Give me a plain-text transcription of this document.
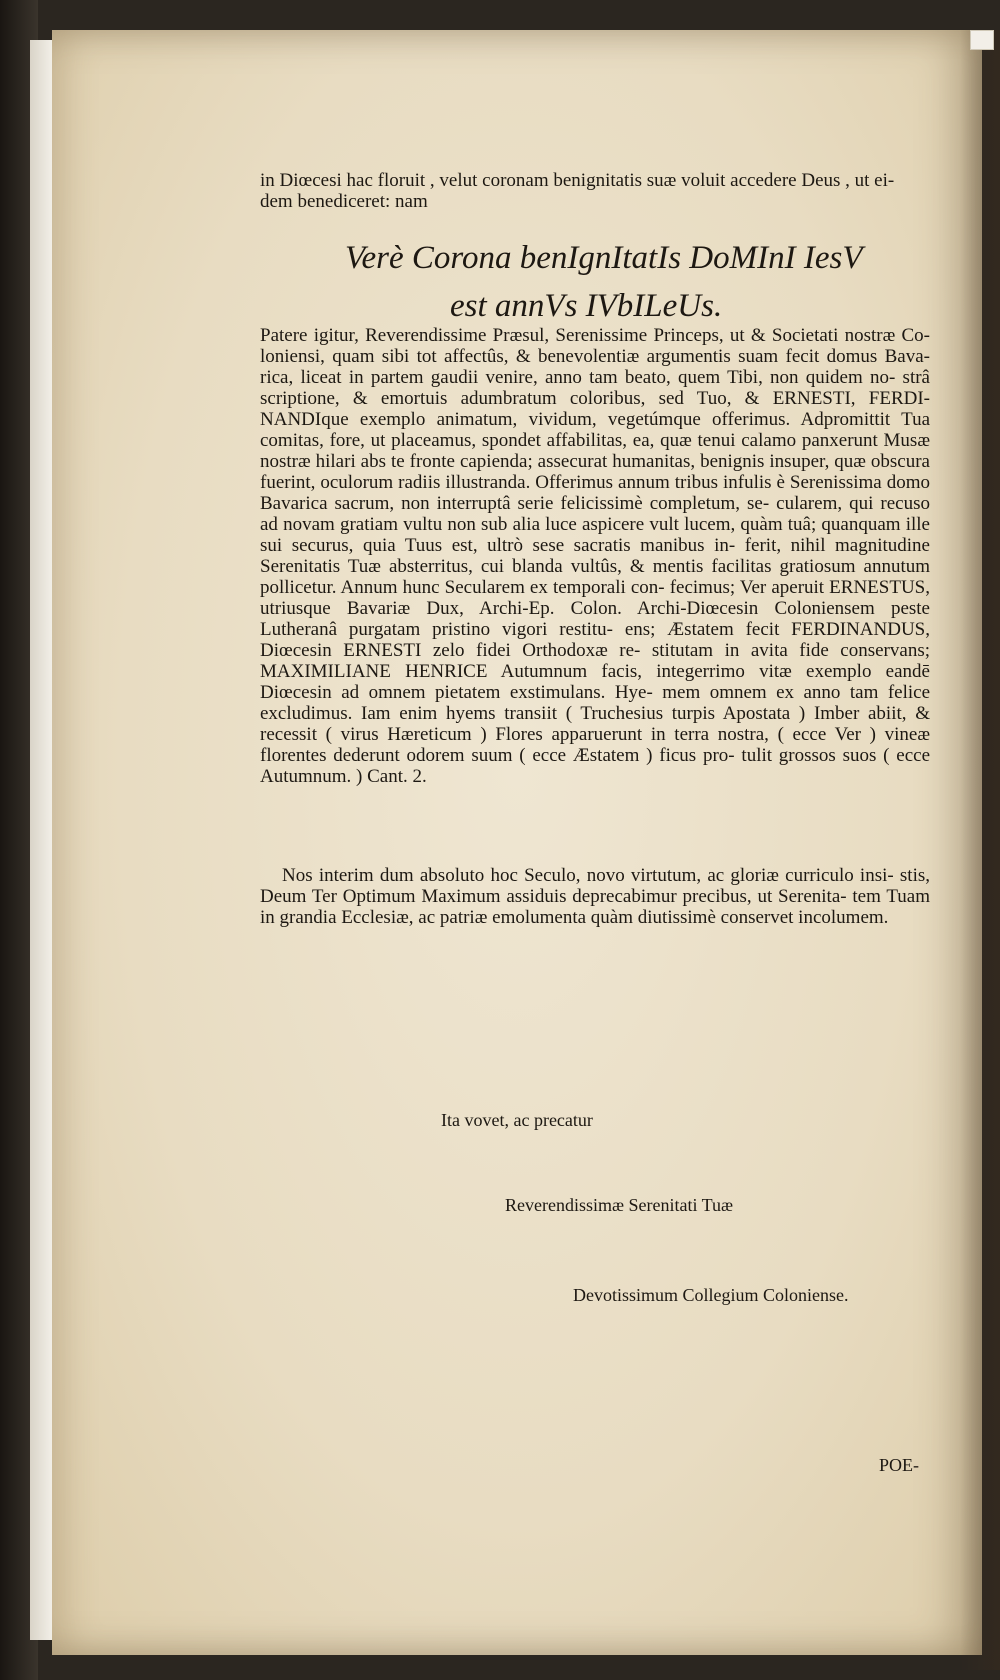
in Diœcesi hac floruit , velut coronam benignitatis suæ voluit accedere Deus , ut ei- dem benediceret: nam
Verè Corona benIgnItatIs DoMInI IesV
est annVs IVbILeUs.

Patere igitur, Reverendissime Præsul, Serenissime Princeps, ut & Societati nostræ Co- loniensi, quam sibi tot affectûs, & benevolentiæ argumentis suam fecit domus Bava- rica, liceat in partem gaudii venire, anno tam beato, quem Tibi, non quidem no- strâ scriptione, & emortuis adumbratum coloribus, sed Tuo, & ERNESTI, FERDI- NANDIque exemplo animatum, vividum, vegetúmque offerimus. Adpromittit Tua comitas, fore, ut placeamus, spondet affabilitas, ea, quæ tenui calamo panxerunt Musæ nostræ hilari abs te fronte capienda; assecurat humanitas, benignis insuper, quæ obscura fuerint, oculorum radiis illustranda. Offerimus annum tribus infulis è Serenissima domo Bavarica sacrum, non interruptâ serie felicissimè completum, se- cularem, qui recuso ad novam gratiam vultu non sub alia luce aspicere vult lucem, quàm tuâ; quanquam ille sui securus, quia Tuus est, ultrò sese sacratis manibus in- ferit, nihil magnitudine Serenitatis Tuæ absterritus, cui blanda vultûs, & mentis facilitas gratiosum annutum pollicetur. Annum hunc Secularem ex temporali con- fecimus; Ver aperuit ERNESTUS, utriusque Bavariæ Dux, Archi-Ep. Colon. Archi-Diœcesin Coloniensem peste Lutheranâ purgatam pristino vigori restitu- ens; Æstatem fecit FERDINANDUS, Diœcesin ERNESTI zelo fidei Orthodoxæ re- stitutam in avita fide conservans; MAXIMILIANE HENRICE Autumnum facis, integerrimo vitæ exemplo eandē Diœcesin ad omnem pietatem exstimulans. Hye- mem omnem ex anno tam felice excludimus. Iam enim hyems transiit ( Truchesius turpis Apostata ) Imber abiit, & recessit ( virus Hæreticum ) Flores apparuerunt in terra nostra, ( ecce Ver ) vineæ florentes dederunt odorem suum ( ecce Æstatem ) ficus pro- tulit grossos suos ( ecce Autumnum. ) Cant. 2.

Nos interim dum absoluto hoc Seculo, novo virtutum, ac gloriæ curriculo insi- stis, Deum Ter Optimum Maximum assiduis deprecabimur precibus, ut Serenita- tem Tuam in grandia Ecclesiæ, ac patriæ emolumenta quàm diutissimè conservet incolumem.

Ita vovet, ac precatur
Reverendissimæ Serenitati Tuæ
Devotissimum Collegium Coloniense.
POE-
